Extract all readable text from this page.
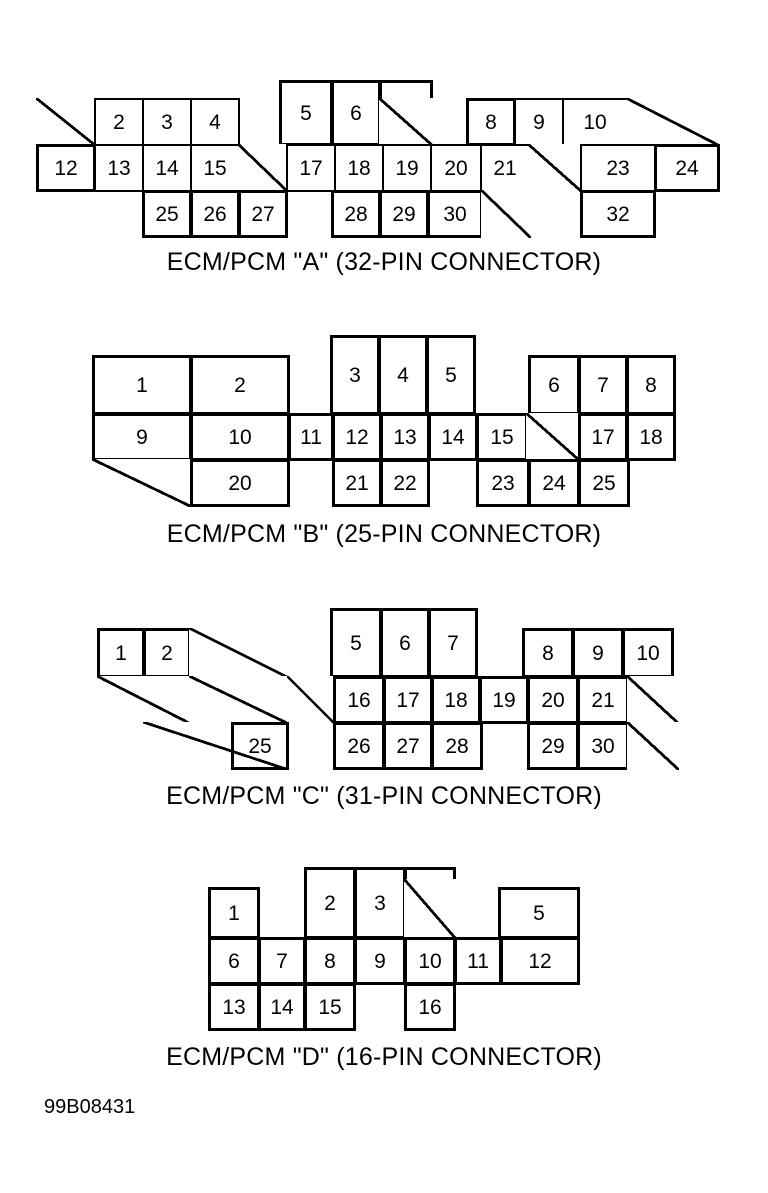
2	3	4	5	6	8	9	10
12	13	14	15	17	18	19	20	21	23	24
25	26	27	28	29	30	32
ECM/PCM "A" (32-PIN CONNECTOR)
1	2	3	4	5	6	7	8
9	10	11	12	13	14	15	17	18
20	21	22	23	24	25
ECM/PCM "B" (25-PIN CONNECTOR)
1	2	5	6	7	8	9	10
16	17	18	19	20	21
25	26	27	28	29	30
ECM/PCM "C" (31-PIN CONNECTOR)
1	2	3	5
6	7	8	9	10	11	12
13	14	15	16
ECM/PCM "D" (16-PIN CONNECTOR)
99B08431
